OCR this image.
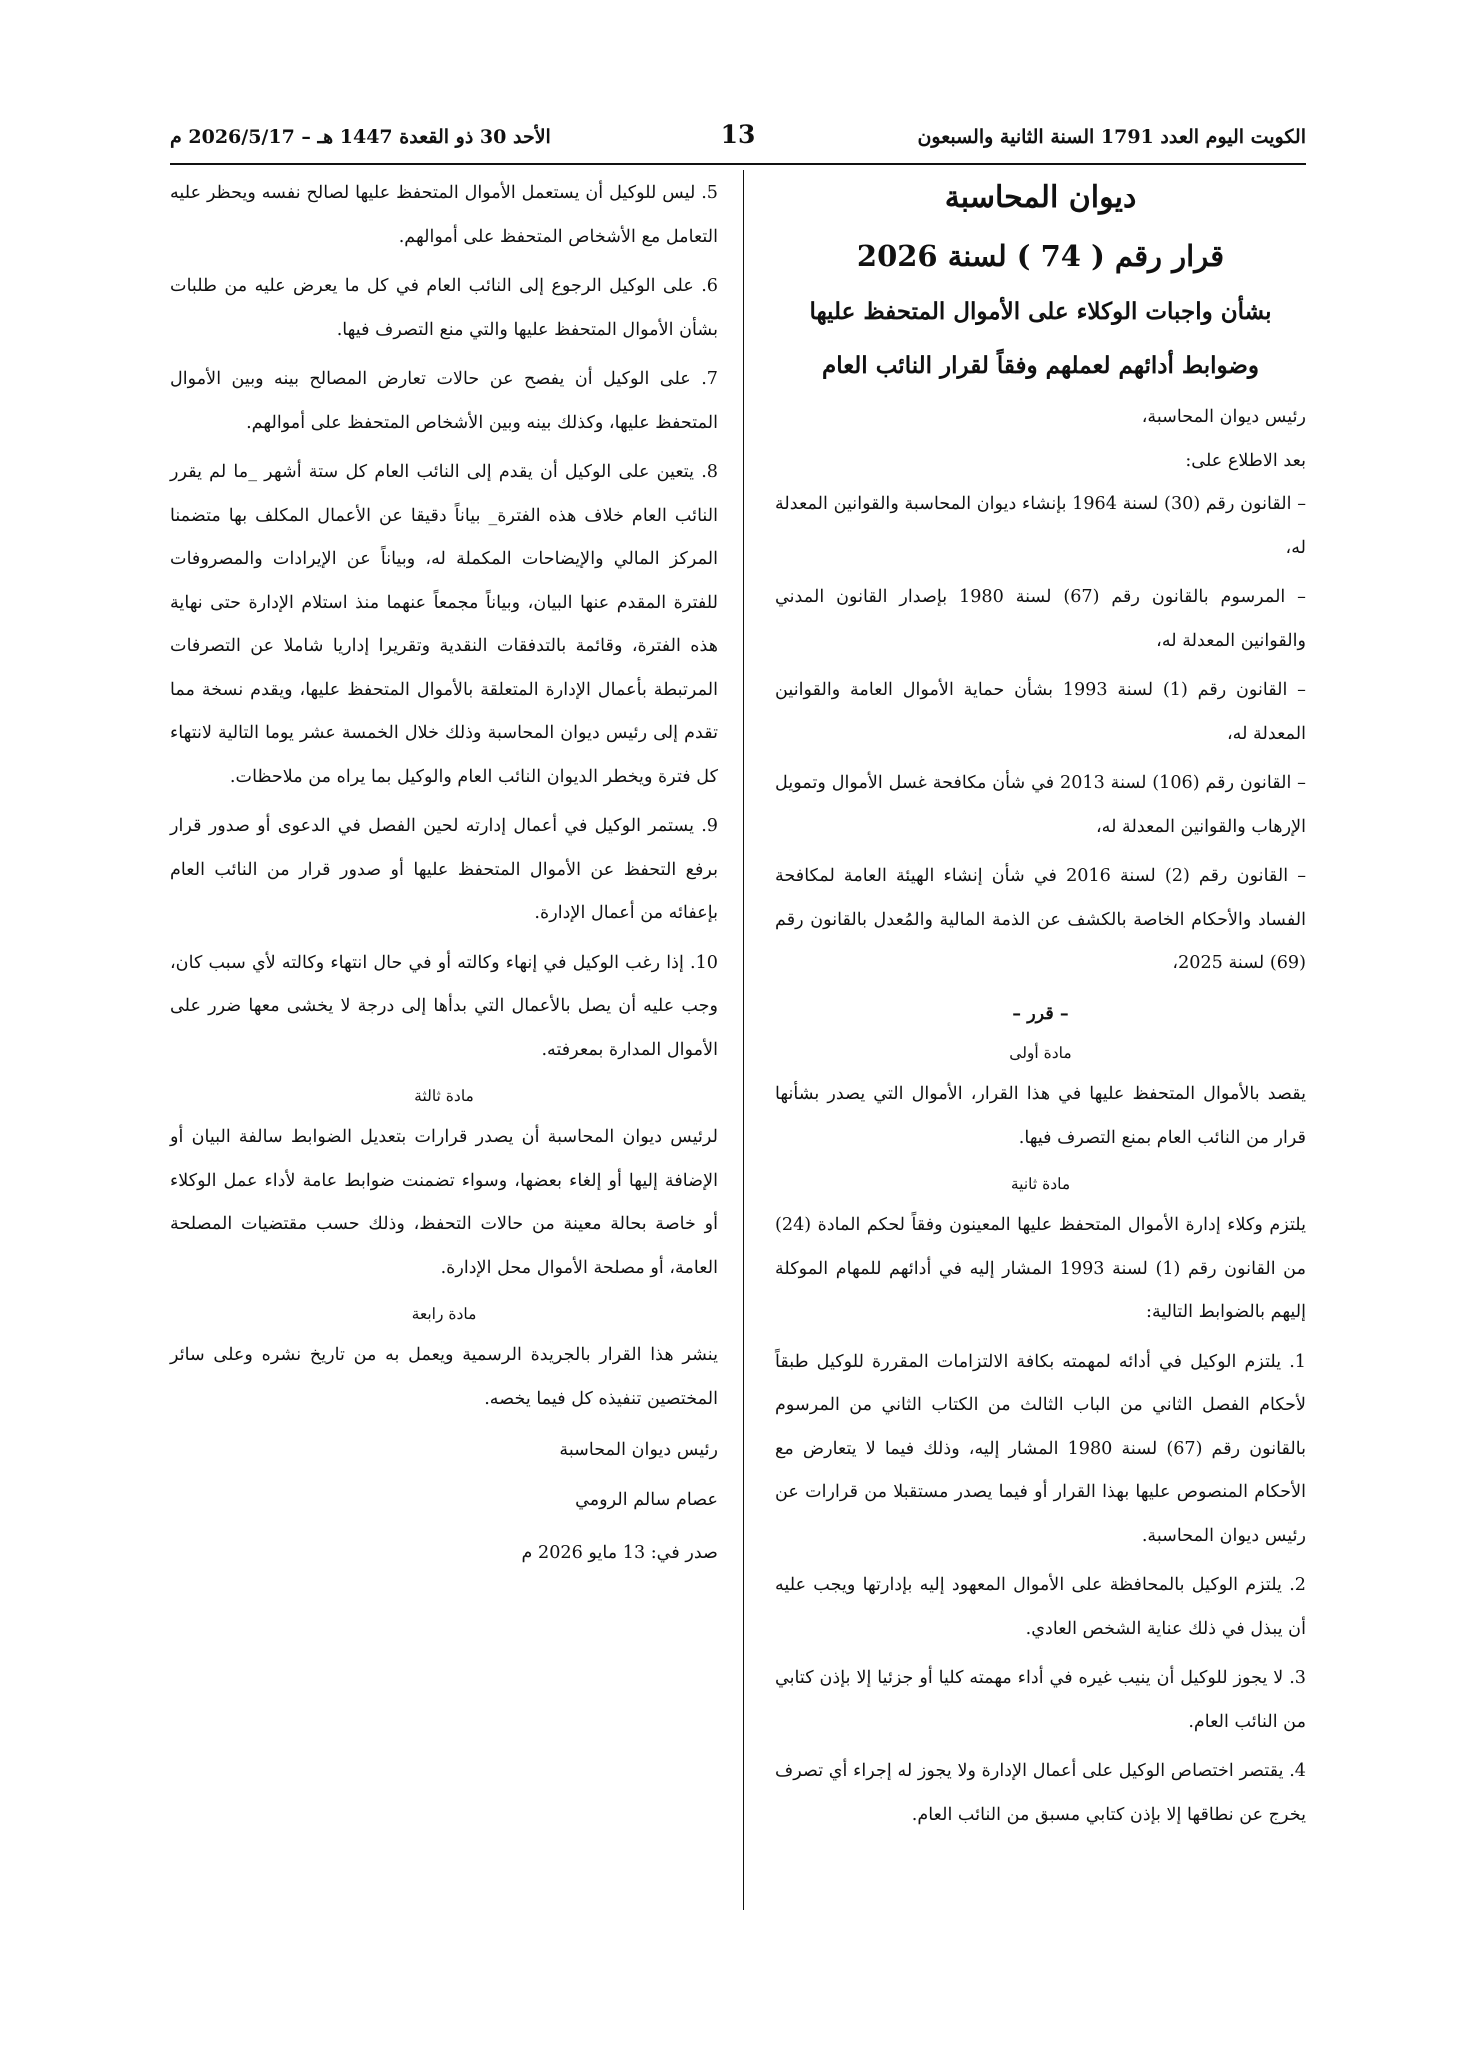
الكويت اليوم العدد 1791 السنة الثانية والسبعون
13
الأحد 30 ذو القعدة 1447 هـ – 2026/5/17 م

ديوان المحاسبة

قرار رقم ( 74 ) لسنة 2026

بشأن واجبات الوكلاء على الأموال المتحفظ عليها

وضوابط أدائهم لعملهم وفقاً لقرار النائب العام

رئيس ديوان المحاسبة،

بعد الاطلاع على:

– القانون رقم (30) لسنة 1964 بإنشاء ديوان المحاسبة والقوانين المعدلة له،

– المرسوم بالقانون رقم (67) لسنة 1980 بإصدار القانون المدني والقوانين المعدلة له،

– القانون رقم (1) لسنة 1993 بشأن حماية الأموال العامة والقوانين المعدلة له،

– القانون رقم (106) لسنة 2013 في شأن مكافحة غسل الأموال وتمويل الإرهاب والقوانين المعدلة له،

– القانون رقم (2) لسنة 2016 في شأن إنشاء الهيئة العامة لمكافحة الفساد والأحكام الخاصة بالكشف عن الذمة المالية والمُعدل بالقانون رقم (69) لسنة 2025،

– قرر –

مادة أولى

يقصد بالأموال المتحفظ عليها في هذا القرار، الأموال التي يصدر بشأنها قرار من النائب العام بمنع التصرف فيها.

مادة ثانية

يلتزم وكلاء إدارة الأموال المتحفظ عليها المعينون وفقاً لحكم المادة (24) من القانون رقم (1) لسنة 1993 المشار إليه في أدائهم للمهام الموكلة إليهم بالضوابط التالية:

1. يلتزم الوكيل في أدائه لمهمته بكافة الالتزامات المقررة للوكيل طبقاً لأحكام الفصل الثاني من الباب الثالث من الكتاب الثاني من المرسوم بالقانون رقم (67) لسنة 1980 المشار إليه، وذلك فيما لا يتعارض مع الأحكام المنصوص عليها بهذا القرار أو فيما يصدر مستقبلا من قرارات عن رئيس ديوان المحاسبة.

2. يلتزم الوكيل بالمحافظة على الأموال المعهود إليه بإدارتها ويجب عليه أن يبذل في ذلك عناية الشخص العادي.

3. لا يجوز للوكيل أن ينيب غيره في أداء مهمته كليا أو جزئيا إلا بإذن كتابي من النائب العام.

4. يقتصر اختصاص الوكيل على أعمال الإدارة ولا يجوز له إجراء أي تصرف يخرج عن نطاقها إلا بإذن كتابي مسبق من النائب العام.

5. ليس للوكيل أن يستعمل الأموال المتحفظ عليها لصالح نفسه ويحظر عليه التعامل مع الأشخاص المتحفظ على أموالهم.

6. على الوكيل الرجوع إلى النائب العام في كل ما يعرض عليه من طلبات بشأن الأموال المتحفظ عليها والتي منع التصرف فيها.

7. على الوكيل أن يفصح عن حالات تعارض المصالح بينه وبين الأموال المتحفظ عليها، وكذلك بينه وبين الأشخاص المتحفظ على أموالهم.

8. يتعين على الوكيل أن يقدم إلى النائب العام كل ستة أشهر _ما لم يقرر النائب العام خلاف هذه الفترة_ بياناً دقيقا عن الأعمال المكلف بها متضمنا المركز المالي والإيضاحات المكملة له، وبياناً عن الإيرادات والمصروفات للفترة المقدم عنها البيان، وبياناً مجمعاً عنهما منذ استلام الإدارة حتى نهاية هذه الفترة، وقائمة بالتدفقات النقدية وتقريرا إداريا شاملا عن التصرفات المرتبطة بأعمال الإدارة المتعلقة بالأموال المتحفظ عليها، ويقدم نسخة مما تقدم إلى رئيس ديوان المحاسبة وذلك خلال الخمسة عشر يوما التالية لانتهاء كل فترة ويخطر الديوان النائب العام والوكيل بما يراه من ملاحظات.

9. يستمر الوكيل في أعمال إدارته لحين الفصل في الدعوى أو صدور قرار برفع التحفظ عن الأموال المتحفظ عليها أو صدور قرار من النائب العام بإعفائه من أعمال الإدارة.

10. إذا رغب الوكيل في إنهاء وكالته أو في حال انتهاء وكالته لأي سبب كان، وجب عليه أن يصل بالأعمال التي بدأها إلى درجة لا يخشى معها ضرر على الأموال المدارة بمعرفته.

مادة ثالثة

لرئيس ديوان المحاسبة أن يصدر قرارات بتعديل الضوابط سالفة البيان أو الإضافة إليها أو إلغاء بعضها، وسواء تضمنت ضوابط عامة لأداء عمل الوكلاء أو خاصة بحالة معينة من حالات التحفظ، وذلك حسب مقتضيات المصلحة العامة، أو مصلحة الأموال محل الإدارة.

مادة رابعة

ينشر هذا القرار بالجريدة الرسمية ويعمل به من تاريخ نشره وعلى سائر المختصين تنفيذه كل فيما يخصه.

رئيس ديوان المحاسبة

عصام سالم الرومي

صدر في: 13 مايو 2026 م
